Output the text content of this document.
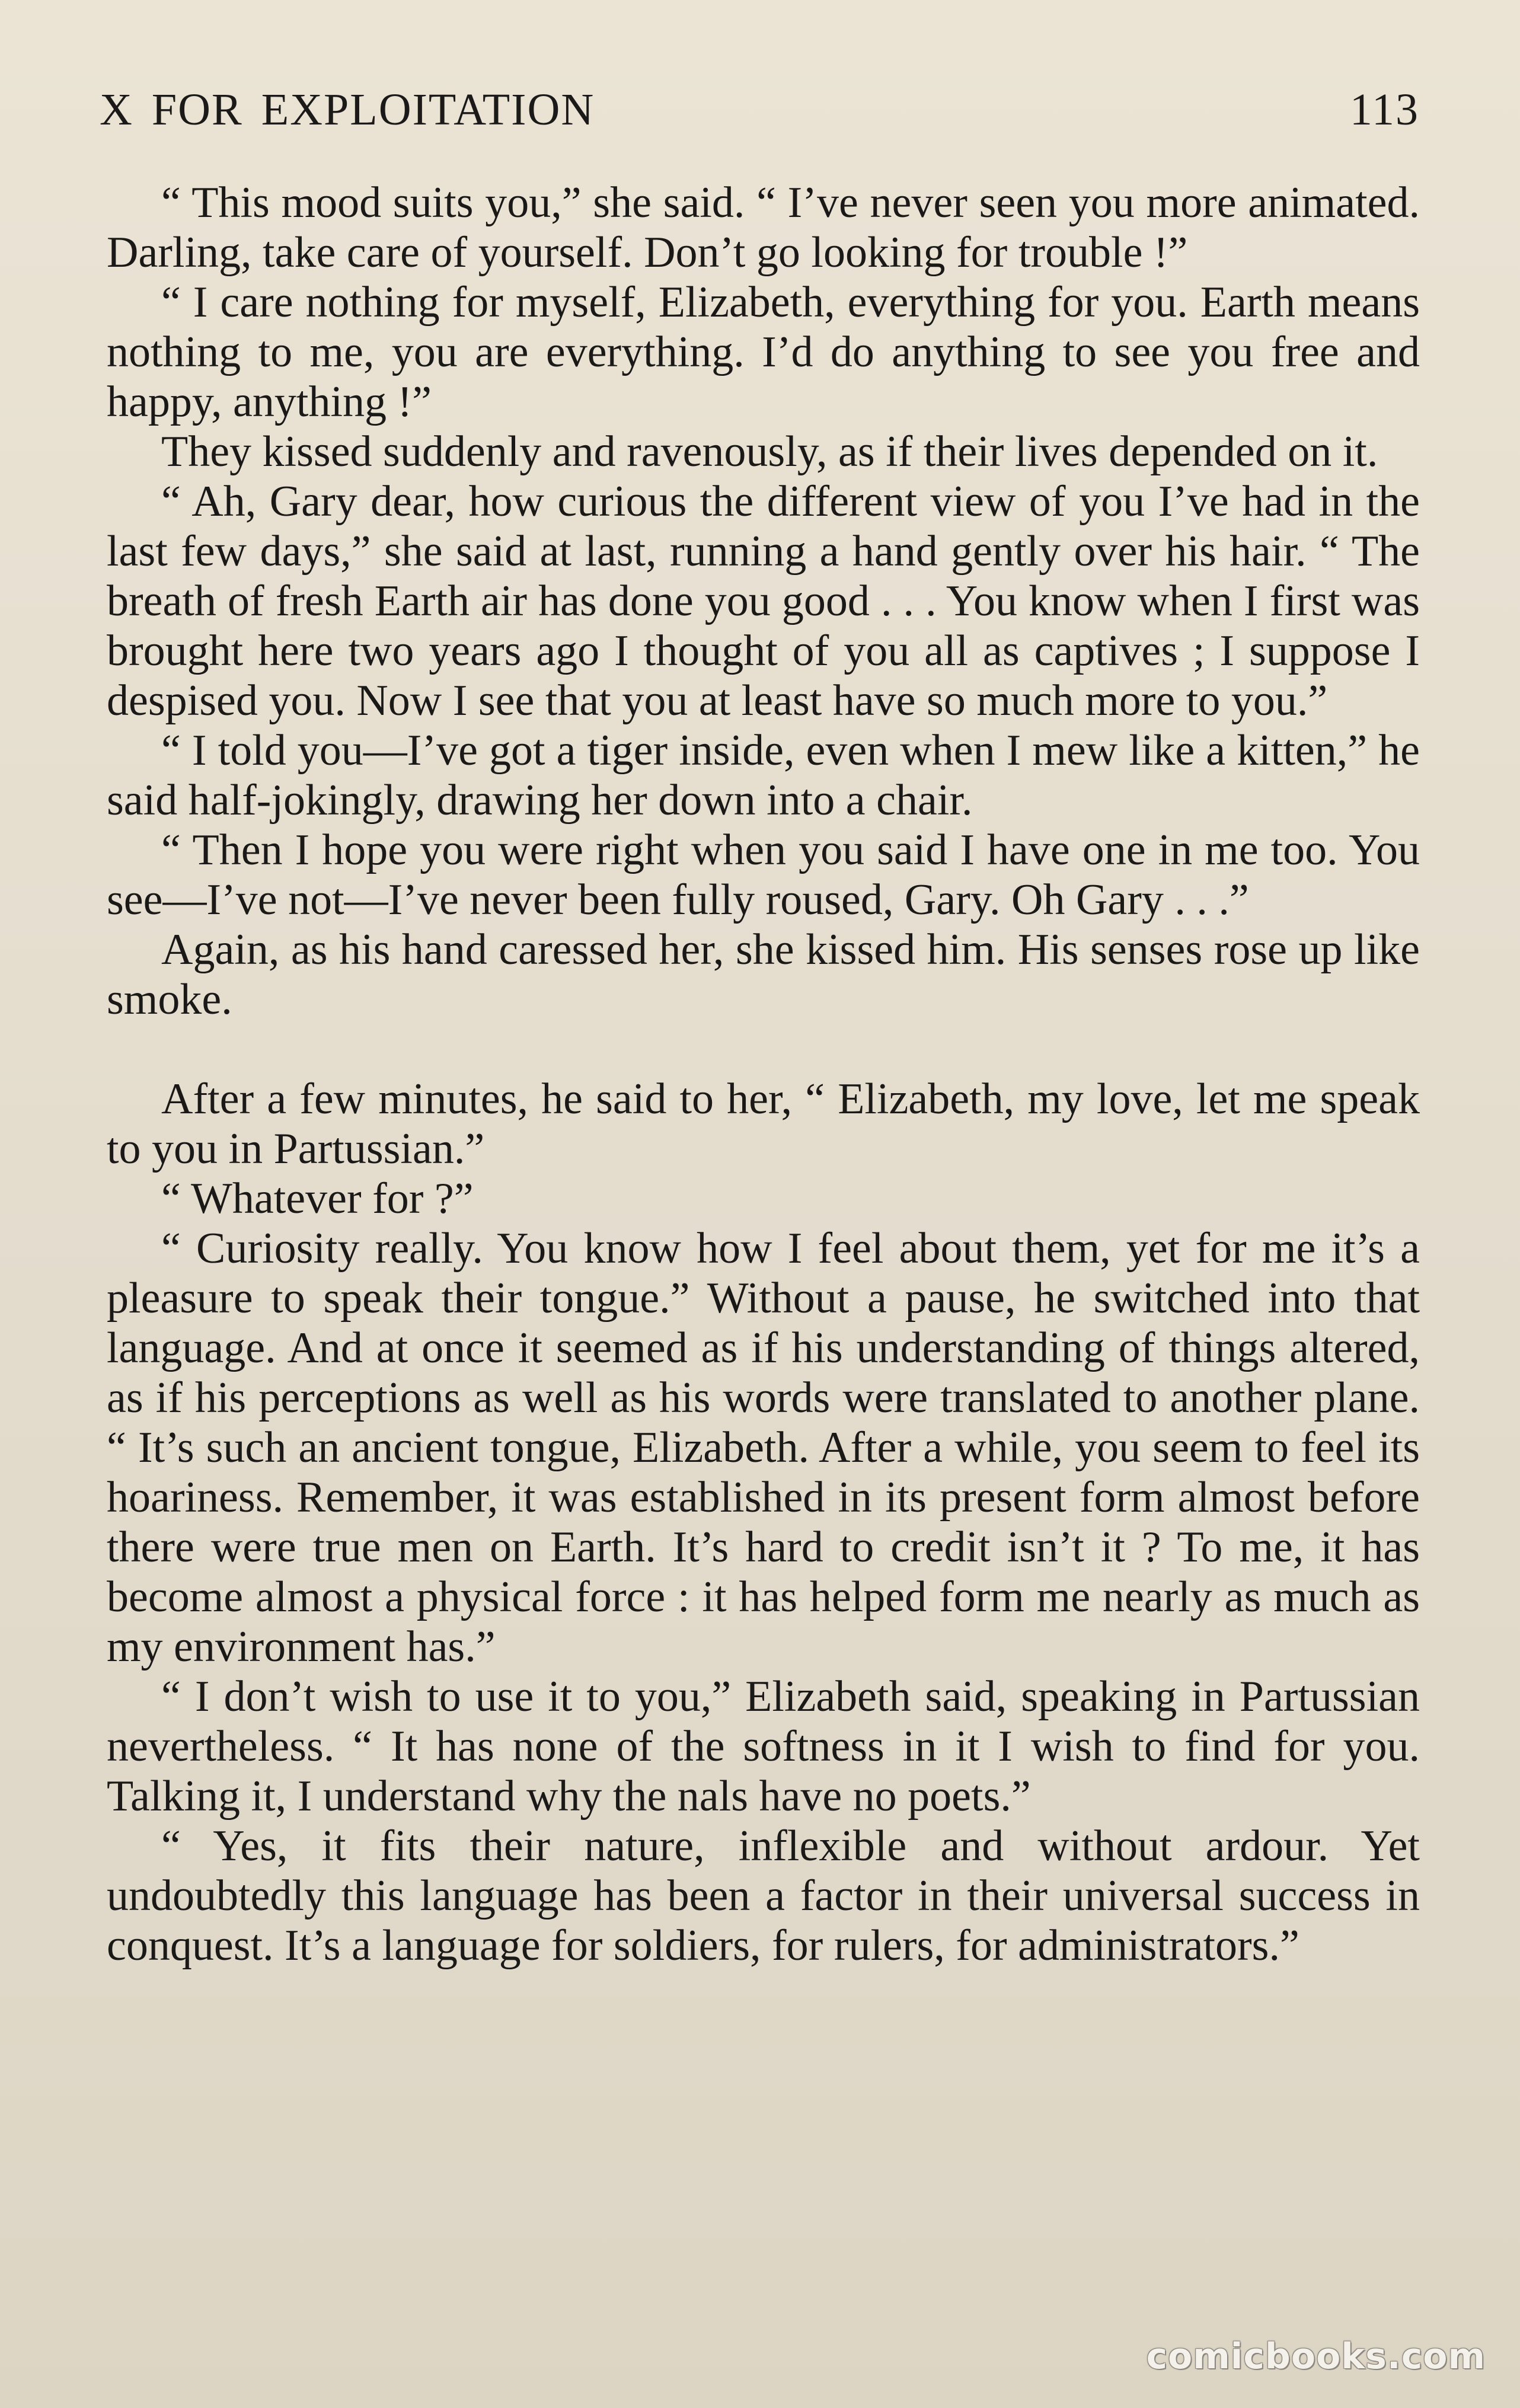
X FOR EXPLOITATION	113

“ This mood suits you,” she said. “ I’ve never seen you more animated. Darling, take care of yourself. Don’t go looking for trouble !”

“ I care nothing for myself, Elizabeth, everything for you. Earth means nothing to me, you are everything. I’d do anything to see you free and happy, anything !”

They kissed suddenly and ravenously, as if their lives depended on it.

“ Ah, Gary dear, how curious the different view of you I’ve had in the last few days,” she said at last, running a hand gently over his hair. “ The breath of fresh Earth air has done you good . . . You know when I first was brought here two years ago I thought of you all as captives ; I suppose I despised you. Now I see that you at least have so much more to you.”

“ I told you—I’ve got a tiger inside, even when I mew like a kitten,” he said half-jokingly, drawing her down into a chair.

“ Then I hope you were right when you said I have one in me too. You see—I’ve not—I’ve never been fully roused, Gary. Oh Gary . . .”

Again, as his hand caressed her, she kissed him. His senses rose up like smoke.

After a few minutes, he said to her, “ Elizabeth, my love, let me speak to you in Partussian.”

“ Whatever for ?”

“ Curiosity really. You know how I feel about them, yet for me it’s a pleasure to speak their tongue.” Without a pause, he switched into that language. And at once it seemed as if his understanding of things altered, as if his perceptions as well as his words were translated to another plane. “ It’s such an ancient tongue, Elizabeth. After a while, you seem to feel its hoariness. Remember, it was established in its present form almost before there were true men on Earth. It’s hard to credit isn’t it ? To me, it has become almost a physical force : it has helped form me nearly as much as my environment has.”

“ I don’t wish to use it to you,” Elizabeth said, speaking in Partussian nevertheless. “ It has none of the softness in it I wish to find for you. Talking it, I understand why the nals have no poets.”

“ Yes, it fits their nature, inflexible and without ardour. Yet undoubtedly this language has been a factor in their universal success in conquest. It’s a language for soldiers, for rulers, for administrators.”

comicbooks.com
